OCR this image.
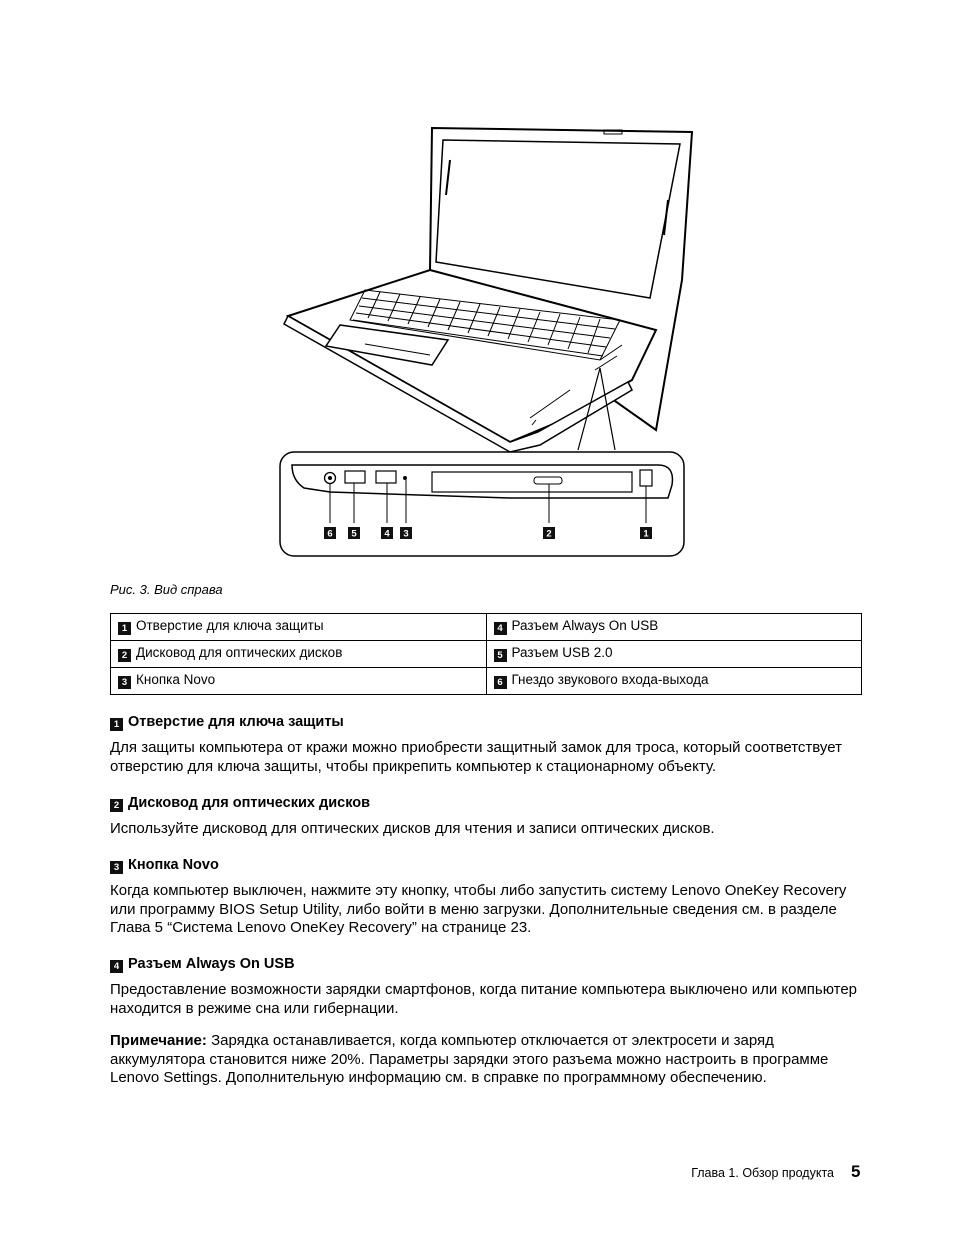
6 5	4 3	2	1
Рис. 3. Вид справа
1 Отверстие для ключа защиты	4 Разъем Always On USB
2 Дисковод для оптических дисков	5 Разъем USB 2.0
3 Кнопка Novo	6 Гнездо звукового входа-выхода
1 Отверстие для ключа защиты

Для защиты компьютера от кражи можно приобрести защитный замок для троса, который соответствует отверстию для ключа защиты, чтобы прикрепить компьютер к стационарному объекту.

2 Дисковод для оптических дисков

Используйте дисковод для оптических дисков для чтения и записи оптических дисков.

3 Кнопка Novo

Когда компьютер выключен, нажмите эту кнопку, чтобы либо запустить систему Lenovo OneKey Recovery или программу BIOS Setup Utility, либо войти в меню загрузки. Дополнительные сведения см. в разделе Глава 5 “Система Lenovo OneKey Recovery” на странице 23.

4 Разъем Always On USB

Предоставление возможности зарядки смартфонов, когда питание компьютера выключено или компьютер находится в режиме сна или гибернации.

Примечание: Зарядка останавливается, когда компьютер отключается от электросети и заряд аккумулятора становится ниже 20%. Параметры зарядки этого разъема можно настроить в программе Lenovo Settings. Дополнительную информацию см. в справке по программному обеспечению.
Глава 1. Обзор продукта 5
